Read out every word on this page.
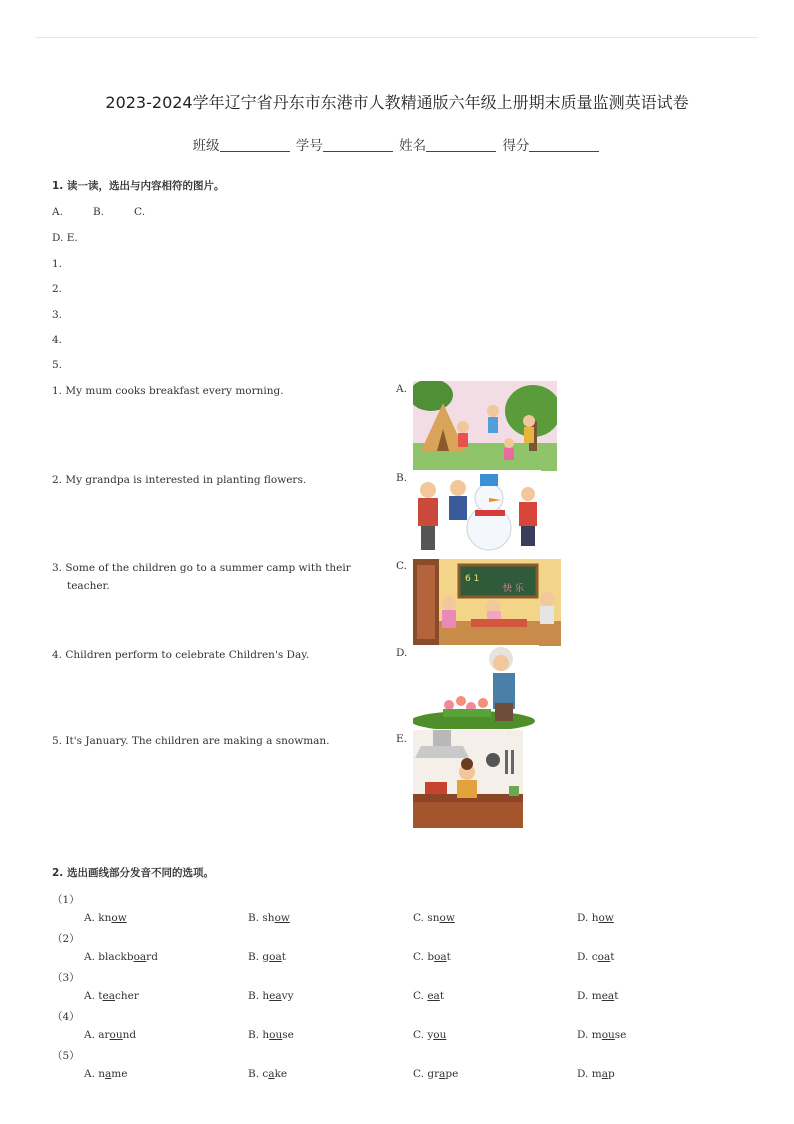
2023-2024学年辽宁省丹东市东港市人教精通版六年级上册期末质量监测英语试卷
班级	学号	姓名	得分
1. 读一读，选出与内容相符的图片。
A.         B.         C.
D. E.
1.
2.
3.
4.
5.
1. My mum cooks breakfast every morning.
2. My grandpa is interested in planting flowers.
3. Some of the children go to a summer camp with their
teacher.
4. Children perform to celebrate Children's Day.
5. It's January. The children are making a snowman.
A.
B.
C.
D.
E.
6 1
快 乐
2. 选出画线部分发音不同的选项。
（1）
A. know	B. show	C. snow	D. how
（2）
A. blackboard	B. goat	C. boat	D. coat
（3）
A. teacher	B. heavy	C. eat	D. meat
（4）
A. around	B. house	C. you	D. mouse
（5）
A. name	B. cake	C. grape	D. map
